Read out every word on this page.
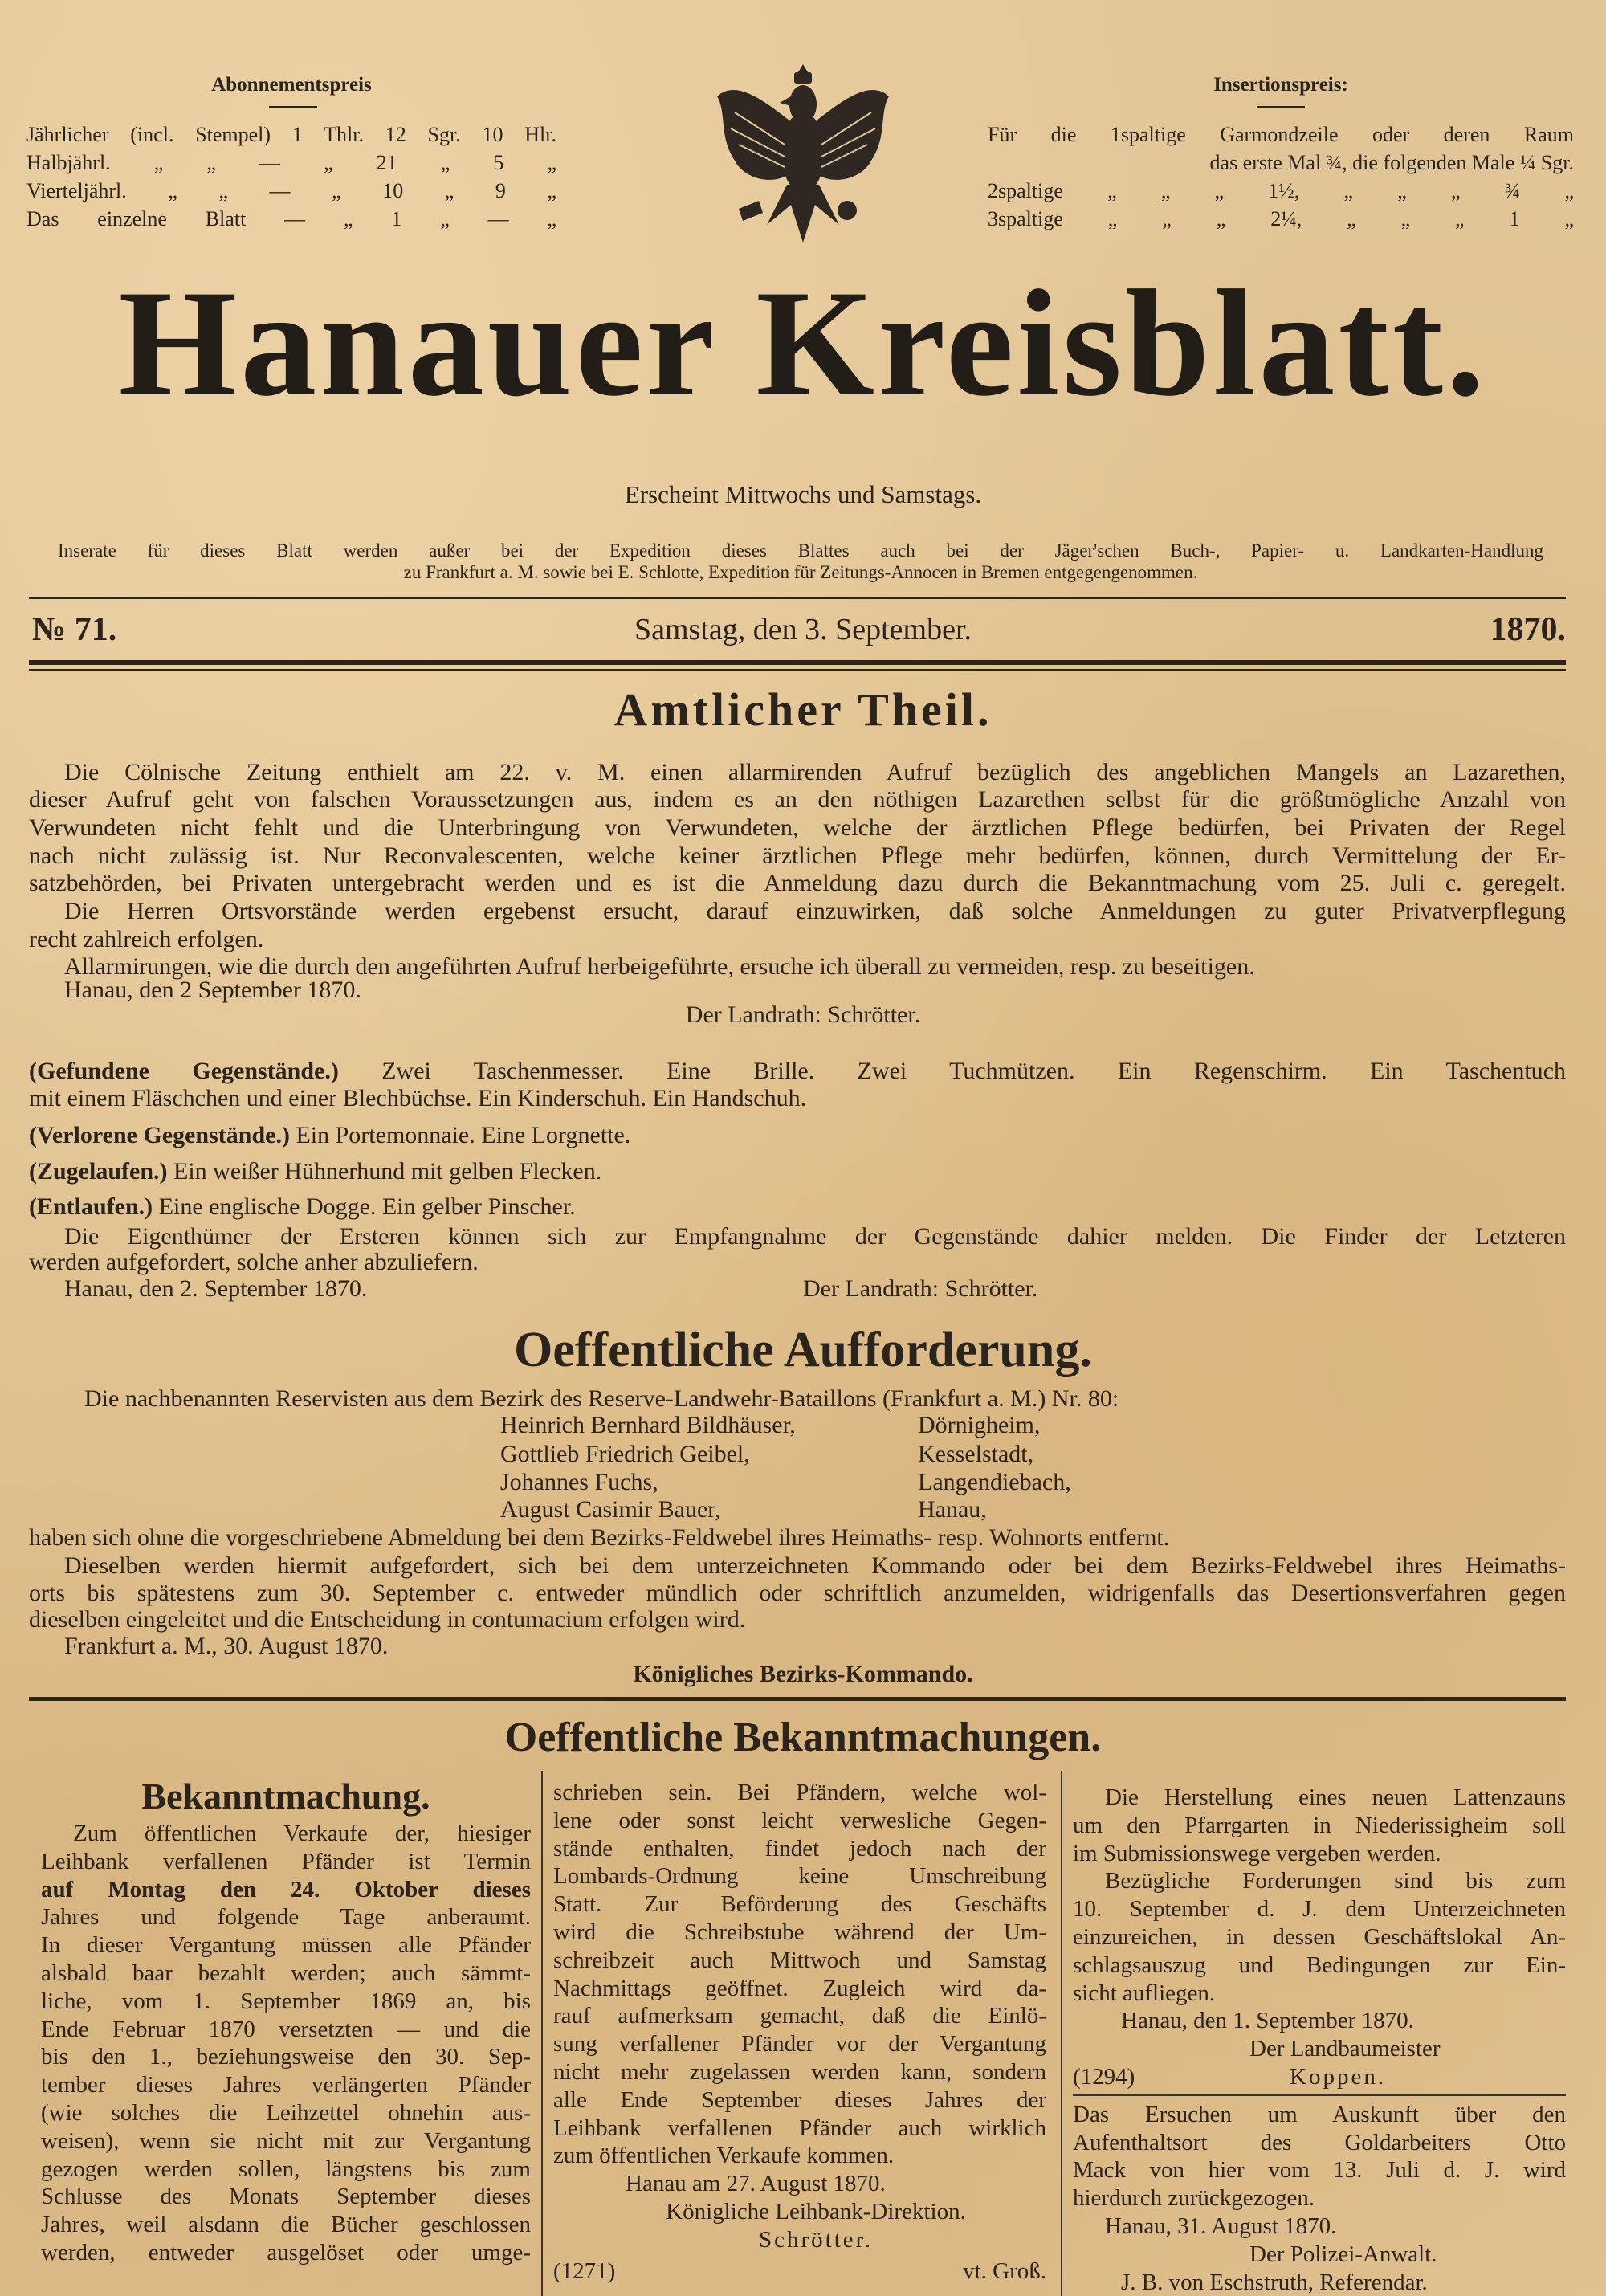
Abonnementspreis
Jährlicher (incl. Stempel) 1 Thlr. 12 Sgr. 10 Hlr.
Halbjährl. „ „ — „ 21 „ 5 „
Vierteljährl. „ „ — „ 10 „ 9 „
Das einzelne Blatt — „ 1 „ — „
Insertionspreis:
Für die 1spaltige Garmondzeile oder deren Raum
das erste Mal ¾, die folgenden Male ¼ Sgr.
2spaltige „ „ „ 1½, „ „ „ ¾ „
3spaltige „ „ „ 2¼, „ „ „ 1 „
Hanauer Kreisblatt.
Erscheint Mittwochs und Samstags.
Inserate für dieses Blatt werden außer bei der Expedition dieses Blattes auch bei der Jäger'schen Buch-, Papier- u. Landkarten-Handlung
zu Frankfurt a. M. sowie bei E. Schlotte, Expedition für Zeitungs-Annocen in Bremen entgegengenommen.
№ 71.	Samstag, den 3. September.	1870.
Amtlicher Theil.
Die Cölnische Zeitung enthielt am 22. v. M. einen allarmirenden Aufruf bezüglich des angeblichen Mangels an Lazarethen,
dieser Aufruf geht von falschen Voraussetzungen aus, indem es an den nöthigen Lazarethen selbst für die größtmögliche Anzahl von
Verwundeten nicht fehlt und die Unterbringung von Verwundeten, welche der ärztlichen Pflege bedürfen, bei Privaten der Regel
nach nicht zulässig ist. Nur Reconvalescenten, welche keiner ärztlichen Pflege mehr bedürfen, können, durch Vermittelung der Er-
satzbehörden, bei Privaten untergebracht werden und es ist die Anmeldung dazu durch die Bekanntmachung vom 25. Juli c. geregelt.
Die Herren Ortsvorstände werden ergebenst ersucht, darauf einzuwirken, daß solche Anmeldungen zu guter Privatverpflegung
recht zahlreich erfolgen.
Allarmirungen, wie die durch den angeführten Aufruf herbeigeführte, ersuche ich überall zu vermeiden, resp. zu beseitigen.
Hanau, den 2 September 1870.
Der Landrath: Schrötter.
(Gefundene Gegenstände.) Zwei Taschenmesser. Eine Brille. Zwei Tuchmützen. Ein Regenschirm. Ein Taschentuch
mit einem Fläschchen und einer Blechbüchse. Ein Kinderschuh. Ein Handschuh.
(Verlorene Gegenstände.) Ein Portemonnaie. Eine Lorgnette.
(Zugelaufen.) Ein weißer Hühnerhund mit gelben Flecken.
(Entlaufen.) Eine englische Dogge. Ein gelber Pinscher.
Die Eigenthümer der Ersteren können sich zur Empfangnahme der Gegenstände dahier melden. Die Finder der Letzteren
werden aufgefordert, solche anher abzuliefern.
Hanau, den 2. September 1870.	Der Landrath: Schrötter.
Oeffentliche Aufforderung.
Die nachbenannten Reservisten aus dem Bezirk des Reserve-Landwehr-Bataillons (Frankfurt a. M.) Nr. 80:
Heinrich Bernhard Bildhäuser,	Dörnigheim,
Gottlieb Friedrich Geibel,	Kesselstadt,
Johannes Fuchs,	Langendiebach,
August Casimir Bauer,	Hanau,
haben sich ohne die vorgeschriebene Abmeldung bei dem Bezirks-Feldwebel ihres Heimaths- resp. Wohnorts entfernt.
Dieselben werden hiermit aufgefordert, sich bei dem unterzeichneten Kommando oder bei dem Bezirks-Feldwebel ihres Heimaths-
orts bis spätestens zum 30. September c. entweder mündlich oder schriftlich anzumelden, widrigenfalls das Desertionsverfahren gegen
dieselben eingeleitet und die Entscheidung in contumacium erfolgen wird.
Frankfurt a. M., 30. August 1870.
Königliches Bezirks-Kommando.
Oeffentliche Bekanntmachungen.
Bekanntmachung.
Zum öffentlichen Verkaufe der, hiesiger
Leihbank verfallenen Pfänder ist Termin
auf Montag den 24. Oktober dieses
Jahres und folgende Tage anberaumt.
In dieser Vergantung müssen alle Pfänder
alsbald baar bezahlt werden; auch sämmt-
liche, vom 1. September 1869 an, bis
Ende Februar 1870 versetzten — und die
bis den 1., beziehungsweise den 30. Sep-
tember dieses Jahres verlängerten Pfänder
(wie solches die Leihzettel ohnehin aus-
weisen), wenn sie nicht mit zur Vergantung
gezogen werden sollen, längstens bis zum
Schlusse des Monats September dieses
Jahres, weil alsdann die Bücher geschlossen
werden, entweder ausgelöset oder umge-
schrieben sein. Bei Pfändern, welche wol-
lene oder sonst leicht verwesliche Gegen-
stände enthalten, findet jedoch nach der
Lombards-Ordnung keine Umschreibung
Statt. Zur Beförderung des Geschäfts
wird die Schreibstube während der Um-
schreibzeit auch Mittwoch und Samstag
Nachmittags geöffnet. Zugleich wird da-
rauf aufmerksam gemacht, daß die Einlö-
sung verfallener Pfänder vor der Vergantung
nicht mehr zugelassen werden kann, sondern
alle Ende September dieses Jahres der
Leihbank verfallenen Pfänder auch wirklich
zum öffentlichen Verkaufe kommen.
Hanau am 27. August 1870.
Königliche Leihbank-Direktion.
Schrötter.
(1271)	vt. Groß.
Die Herstellung eines neuen Lattenzauns
um den Pfarrgarten in Niederissigheim soll
im Submissionswege vergeben werden.
Bezügliche Forderungen sind bis zum
10. September d. J. dem Unterzeichneten
einzureichen, in dessen Geschäftslokal An-
schlagsauszug und Bedingungen zur Ein-
sicht aufliegen.
Hanau, den 1. September 1870.
Der Landbaumeister
(1294)	Koppen.
Das Ersuchen um Auskunft über den
Aufenthaltsort des Goldarbeiters Otto
Mack von hier vom 13. Juli d. J. wird
hierdurch zurückgezogen.
Hanau, 31. August 1870.
Der Polizei-Anwalt.
J. B. von Eschstruth, Referendar.
